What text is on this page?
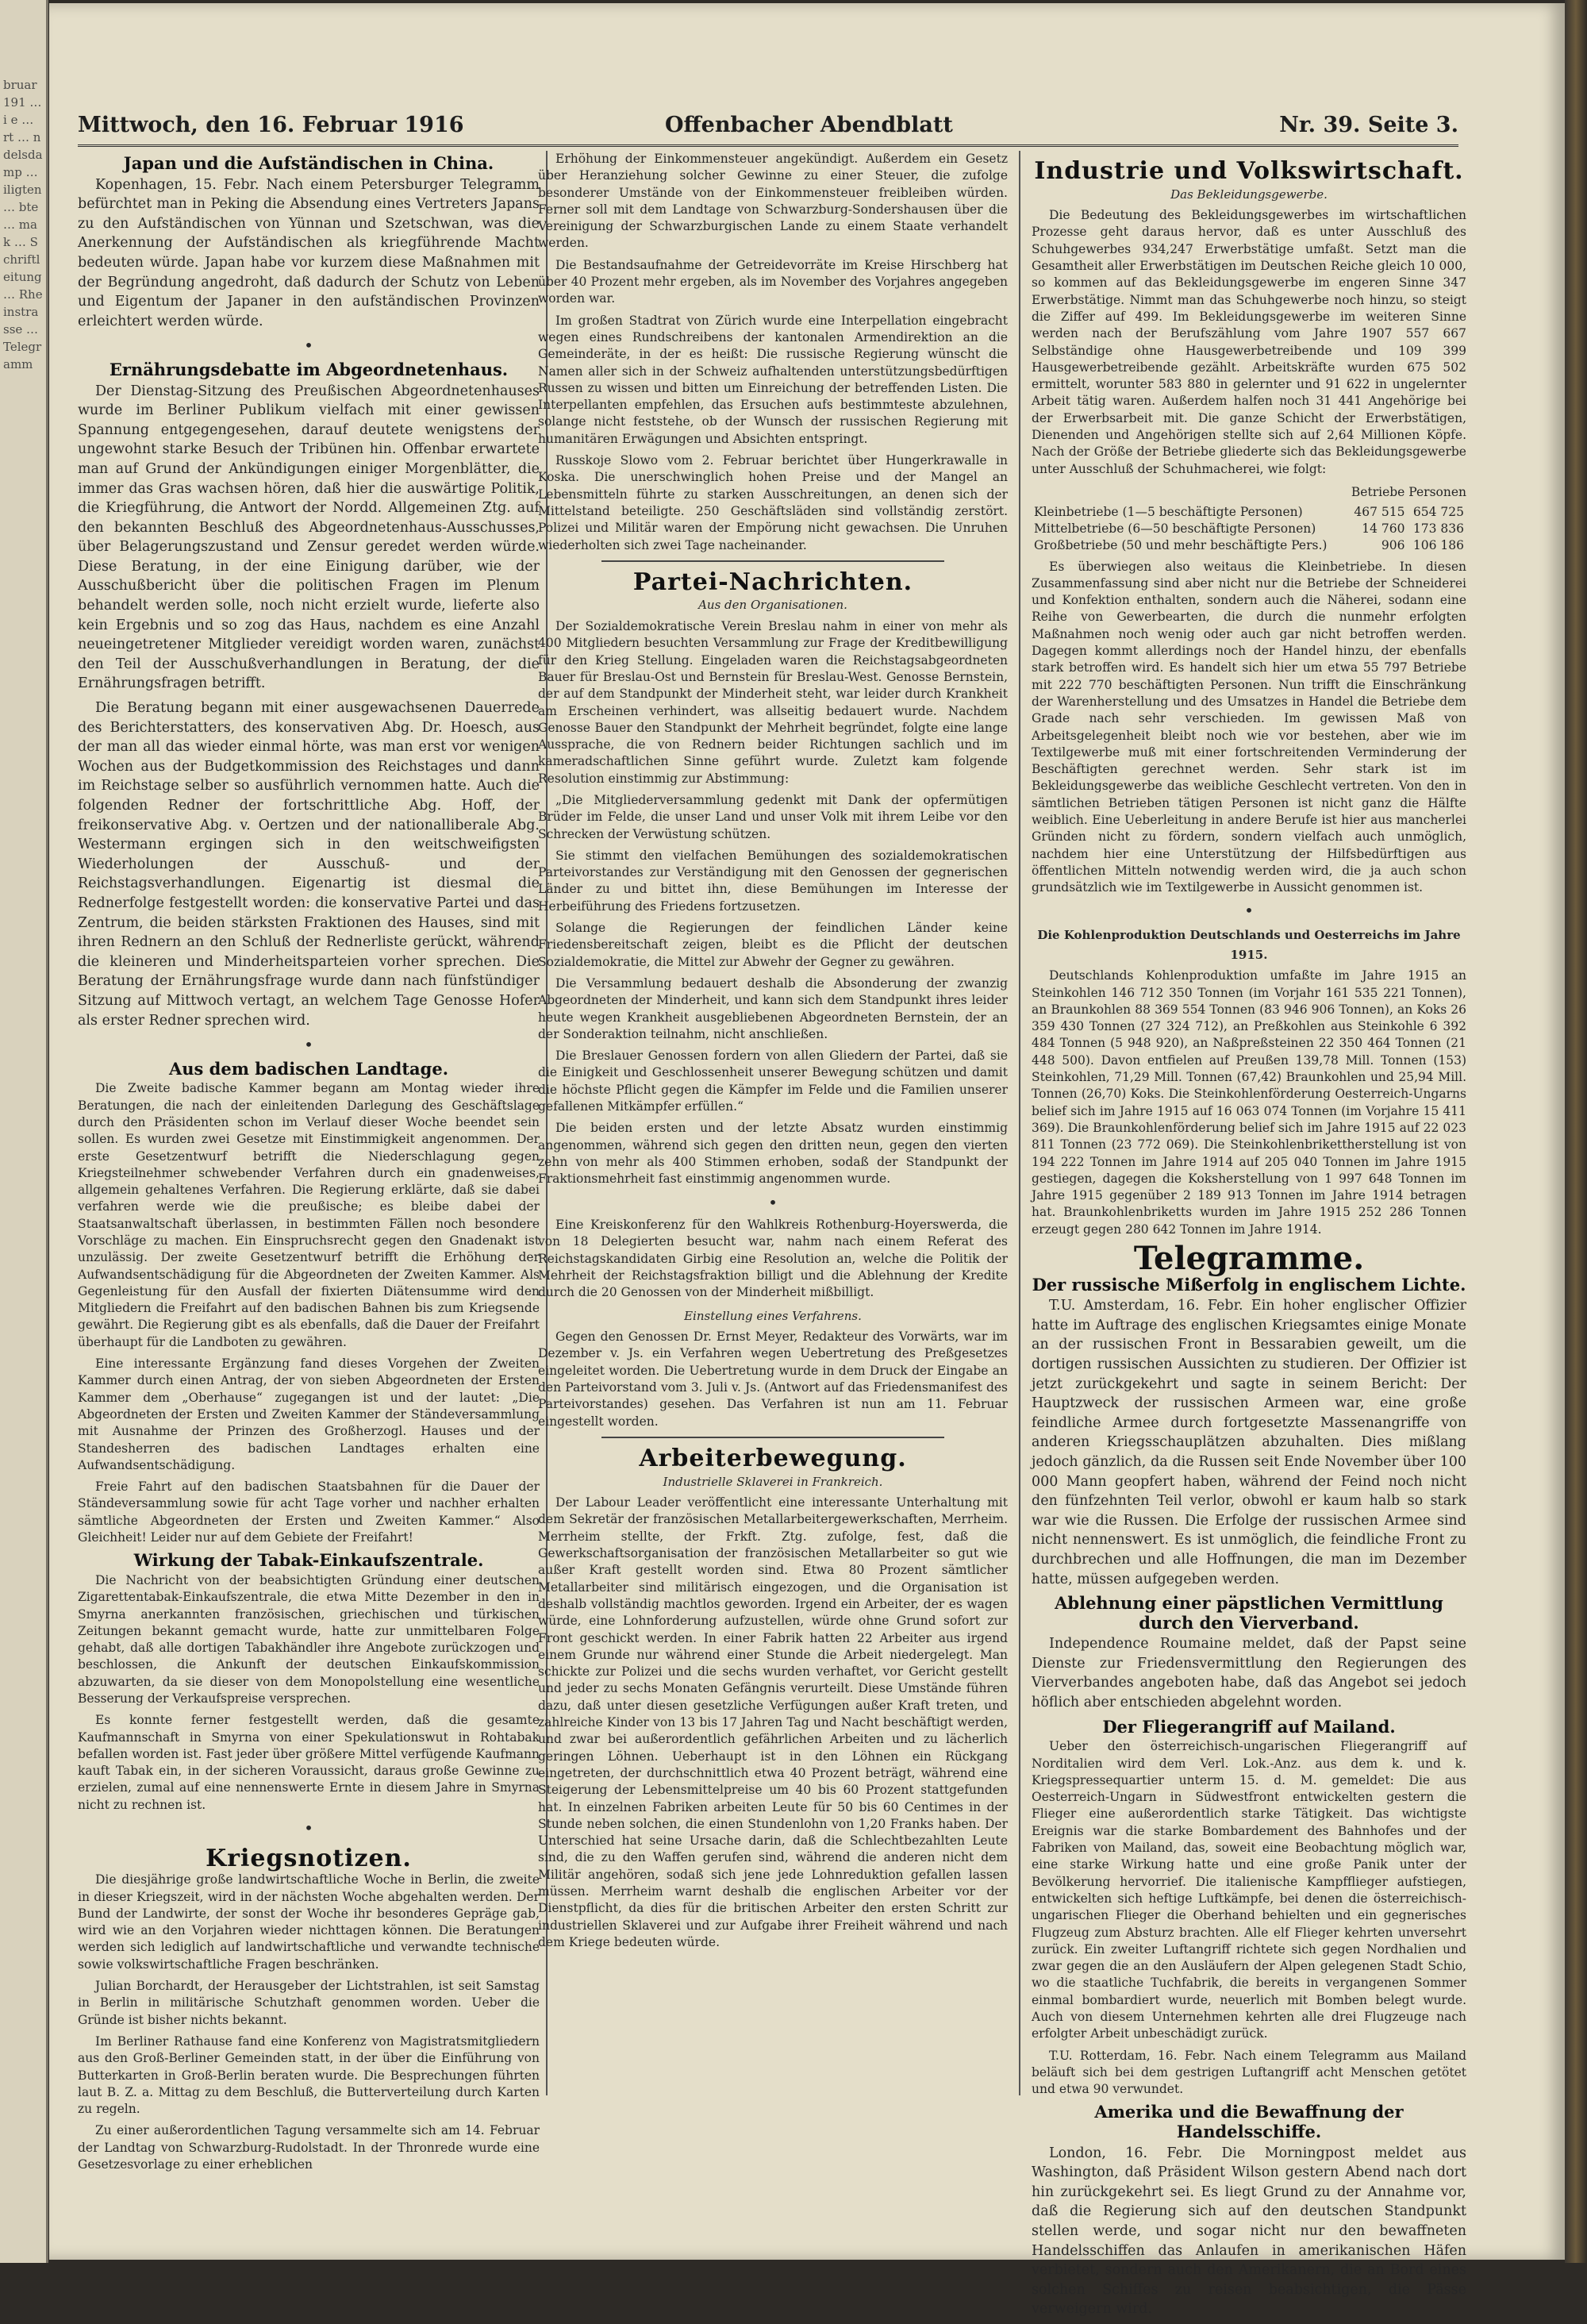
bruar 191 … i e … rt … ndelsdamp … iligten … bte … mak … Schriftleitung … Rheinstrasse … Telegramm
Mittwoch, den 16. Februar 1916	Offenbacher Abendblatt	Nr. 39. Seite 3.
Japan und die Aufständischen in China.

Kopenhagen, 15. Febr. Nach einem Petersburger Telegramm befürchtet man in Peking die Absendung eines Vertreters Japans zu den Aufständischen von Yünnan und Szetschwan, was die Anerkennung der Aufständischen als kriegführende Macht bedeuten würde. Japan habe vor kurzem diese Maßnahmen mit der Begründung angedroht, daß dadurch der Schutz von Leben und Eigentum der Japaner in den aufständischen Provinzen erleichtert werden würde.

•
Ernährungsdebatte im Abgeordnetenhaus.

Der Dienstag-Sitzung des Preußischen Abgeordnetenhauses wurde im Berliner Publikum vielfach mit einer gewissen Spannung entgegengesehen, darauf deutete wenigstens der ungewohnt starke Besuch der Tribünen hin. Offenbar erwartete man auf Grund der Ankündigungen einiger Morgenblätter, die immer das Gras wachsen hören, daß hier die auswärtige Politik, die Kriegführung, die Antwort der Nordd. Allgemeinen Ztg. auf den bekannten Beschluß des Abgeordnetenhaus-Ausschusses, über Belagerungszustand und Zensur geredet werden würde. Diese Beratung, in der eine Einigung darüber, wie der Ausschußbericht über die politischen Fragen im Plenum behandelt werden solle, noch nicht erzielt wurde, lieferte also kein Ergebnis und so zog das Haus, nachdem es eine Anzahl neueingetretener Mitglieder vereidigt worden waren, zunächst den Teil der Ausschußverhandlungen in Beratung, der die Ernährungsfragen betrifft.

Die Beratung begann mit einer ausgewachsenen Dauerrede des Berichterstatters, des konservativen Abg. Dr. Hoesch, aus der man all das wieder einmal hörte, was man erst vor wenigen Wochen aus der Budgetkommission des Reichstages und dann im Reichstage selber so ausführlich vernommen hatte. Auch die folgenden Redner der fortschrittliche Abg. Hoff, der freikonservative Abg. v. Oertzen und der nationalliberale Abg. Westermann ergingen sich in den weitschweifigsten Wiederholungen der Ausschuß- und der Reichstagsverhandlungen. Eigenartig ist diesmal die Rednerfolge festgestellt worden: die konservative Partei und das Zentrum, die beiden stärksten Fraktionen des Hauses, sind mit ihren Rednern an den Schluß der Rednerliste gerückt, während die kleineren und Minderheitsparteien vorher sprechen. Die Beratung der Ernährungsfrage wurde dann nach fünfstündiger Sitzung auf Mittwoch vertagt, an welchem Tage Genosse Hofer als erster Redner sprechen wird.

•
Aus dem badischen Landtage.

Die Zweite badische Kammer begann am Montag wieder ihre Beratungen, die nach der einleitenden Darlegung des Geschäftslage durch den Präsidenten schon im Verlauf dieser Woche beendet sein sollen. Es wurden zwei Gesetze mit Einstimmigkeit angenommen. Der erste Gesetzentwurf betrifft die Niederschlagung gegen Kriegsteilnehmer schwebender Verfahren durch ein gnadenweises, allgemein gehaltenes Verfahren. Die Regierung erklärte, daß sie dabei verfahren werde wie die preußische; es bleibe dabei der Staatsanwaltschaft überlassen, in bestimmten Fällen noch besondere Vorschläge zu machen. Ein Einspruchsrecht gegen den Gnadenakt ist unzulässig. Der zweite Gesetzentwurf betrifft die Erhöhung der Aufwandsentschädigung für die Abgeordneten der Zweiten Kammer. Als Gegenleistung für den Ausfall der fixierten Diätensumme wird den Mitgliedern die Freifahrt auf den badischen Bahnen bis zum Kriegsende gewährt. Die Regierung gibt es als ebenfalls, daß die Dauer der Freifahrt überhaupt für die Landboten zu gewähren.

Eine interessante Ergänzung fand dieses Vorgehen der Zweiten Kammer durch einen Antrag, der von sieben Abgeordneten der Ersten Kammer dem „Oberhause“ zugegangen ist und der lautet: „Die Abgeordneten der Ersten und Zweiten Kammer der Ständeversammlung mit Ausnahme der Prinzen des Großherzogl. Hauses und der Standesherren des badischen Landtages erhalten eine Aufwandsentschädigung.

Freie Fahrt auf den badischen Staatsbahnen für die Dauer der Ständeversammlung sowie für acht Tage vorher und nachher erhalten sämtliche Abgeordneten der Ersten und Zweiten Kammer.“ Also Gleichheit! Leider nur auf dem Gebiete der Freifahrt!

Wirkung der Tabak-Einkaufszentrale.

Die Nachricht von der beabsichtigten Gründung einer deutschen Zigarettentabak-Einkaufszentrale, die etwa Mitte Dezember in den in Smyrna anerkannten französischen, griechischen und türkischen Zeitungen bekannt gemacht wurde, hatte zur unmittelbaren Folge gehabt, daß alle dortigen Tabakhändler ihre Angebote zurückzogen und beschlossen, die Ankunft der deutschen Einkaufskommission abzuwarten, da sie dieser von dem Monopolstellung eine wesentliche Besserung der Verkaufspreise versprechen.

Es konnte ferner festgestellt werden, daß die gesamte Kaufmannschaft in Smyrna von einer Spekulationswut in Rohtabak befallen worden ist. Fast jeder über größere Mittel verfügende Kaufmann kauft Tabak ein, in der sicheren Voraussicht, daraus große Gewinne zu erzielen, zumal auf eine nennenswerte Ernte in diesem Jahre in Smyrna nicht zu rechnen ist.

•
Kriegsnotizen.

Die diesjährige große landwirtschaftliche Woche in Berlin, die zweite in dieser Kriegszeit, wird in der nächsten Woche abgehalten werden. Der Bund der Landwirte, der sonst der Woche ihr besonderes Gepräge gab, wird wie an den Vorjahren wieder nichttagen können. Die Beratungen werden sich lediglich auf landwirtschaftliche und verwandte technische sowie volkswirtschaftliche Fragen beschränken.

Julian Borchardt, der Herausgeber der Lichtstrahlen, ist seit Samstag in Berlin in militärische Schutzhaft genommen worden. Ueber die Gründe ist bisher nichts bekannt.

Im Berliner Rathause fand eine Konferenz von Magistratsmitgliedern aus den Groß-Berliner Gemeinden statt, in der über die Einführung von Butterkarten in Groß-Berlin beraten wurde. Die Besprechungen führten laut B. Z. a. Mittag zu dem Beschluß, die Butterverteilung durch Karten zu regeln.

Zu einer außerordentlichen Tagung versammelte sich am 14. Februar der Landtag von Schwarzburg-Rudolstadt. In der Thronrede wurde eine Gesetzesvorlage zu einer erheblichen

Erhöhung der Einkommensteuer angekündigt. Außerdem ein Gesetz über Heranziehung solcher Gewinne zu einer Steuer, die zufolge besonderer Umstände von der Einkommensteuer freibleiben würden. Ferner soll mit dem Landtage von Schwarzburg-Sondershausen über die Vereinigung der Schwarzburgischen Lande zu einem Staate verhandelt werden.

Die Bestandsaufnahme der Getreidevorräte im Kreise Hirschberg hat über 40 Prozent mehr ergeben, als im November des Vorjahres angegeben worden war.

Im großen Stadtrat von Zürich wurde eine Interpellation eingebracht wegen eines Rundschreibens der kantonalen Armendirektion an die Gemeinderäte, in der es heißt: Die russische Regierung wünscht die Namen aller sich in der Schweiz aufhaltenden unterstützungsbedürftigen Russen zu wissen und bitten um Einreichung der betreffenden Listen. Die Interpellanten empfehlen, das Ersuchen aufs bestimmteste abzulehnen, solange nicht feststehe, ob der Wunsch der russischen Regierung mit humanitären Erwägungen und Absichten entspringt.

Russkoje Slowo vom 2. Februar berichtet über Hungerkrawalle in Koska. Die unerschwinglich hohen Preise und der Mangel an Lebensmitteln führte zu starken Ausschreitungen, an denen sich der Mittelstand beteiligte. 250 Geschäftsläden sind vollständig zerstört. Polizei und Militär waren der Empörung nicht gewachsen. Die Unruhen wiederholten sich zwei Tage nacheinander.

Partei-Nachrichten.
Aus den Organisationen.

Der Sozialdemokratische Verein Breslau nahm in einer von mehr als 400 Mitgliedern besuchten Versammlung zur Frage der Kreditbewilligung für den Krieg Stellung. Eingeladen waren die Reichstagsabgeordneten Bauer für Breslau-Ost und Bernstein für Breslau-West. Genosse Bernstein, der auf dem Standpunkt der Minderheit steht, war leider durch Krankheit am Erscheinen verhindert, was allseitig bedauert wurde. Nachdem Genosse Bauer den Standpunkt der Mehrheit begründet, folgte eine lange Aussprache, die von Rednern beider Richtungen sachlich und im kameradschaftlichen Sinne geführt wurde. Zuletzt kam folgende Resolution einstimmig zur Abstimmung:

„Die Mitgliederversammlung gedenkt mit Dank der opfermütigen Brüder im Felde, die unser Land und unser Volk mit ihrem Leibe vor den Schrecken der Verwüstung schützen.

Sie stimmt den vielfachen Bemühungen des sozialdemokratischen Parteivorstandes zur Verständigung mit den Genossen der gegnerischen Länder zu und bittet ihn, diese Bemühungen im Interesse der Herbeiführung des Friedens fortzusetzen.

Solange die Regierungen der feindlichen Länder keine Friedensbereitschaft zeigen, bleibt es die Pflicht der deutschen Sozialdemokratie, die Mittel zur Abwehr der Gegner zu gewähren.

Die Versammlung bedauert deshalb die Absonderung der zwanzig Abgeordneten der Minderheit, und kann sich dem Standpunkt ihres leider heute wegen Krankheit ausgebliebenen Abgeordneten Bernstein, der an der Sonderaktion teilnahm, nicht anschließen.

Die Breslauer Genossen fordern von allen Gliedern der Partei, daß sie die Einigkeit und Geschlossenheit unserer Bewegung schützen und damit die höchste Pflicht gegen die Kämpfer im Felde und die Familien unserer gefallenen Mitkämpfer erfüllen.“

Die beiden ersten und der letzte Absatz wurden einstimmig angenommen, während sich gegen den dritten neun, gegen den vierten zehn von mehr als 400 Stimmen erhoben, sodaß der Standpunkt der Fraktionsmehrheit fast einstimmig angenommen wurde.

•

Eine Kreiskonferenz für den Wahlkreis Rothenburg-Hoyerswerda, die von 18 Delegierten besucht war, nahm nach einem Referat des Reichstagskandidaten Girbig eine Resolution an, welche die Politik der Mehrheit der Reichstagsfraktion billigt und die Ablehnung der Kredite durch die 20 Genossen von der Minderheit mißbilligt.

Einstellung eines Verfahrens.

Gegen den Genossen Dr. Ernst Meyer, Redakteur des Vorwärts, war im Dezember v. Js. ein Verfahren wegen Uebertretung des Preßgesetzes eingeleitet worden. Die Uebertretung wurde in dem Druck der Eingabe an den Parteivorstand vom 3. Juli v. Js. (Antwort auf das Friedensmanifest des Parteivorstandes) gesehen. Das Verfahren ist nun am 11. Februar eingestellt worden.

Arbeiterbewegung.
Industrielle Sklaverei in Frankreich.

Der Labour Leader veröffentlicht eine interessante Unterhaltung mit dem Sekretär der französischen Metallarbeitergewerkschaften, Merrheim. Merrheim stellte, der Frkft. Ztg. zufolge, fest, daß die Gewerkschaftsorganisation der französischen Metallarbeiter so gut wie außer Kraft gestellt worden sind. Etwa 80 Prozent sämtlicher Metallarbeiter sind militärisch eingezogen, und die Organisation ist deshalb vollständig machtlos geworden. Irgend ein Arbeiter, der es wagen würde, eine Lohnforderung aufzustellen, würde ohne Grund sofort zur Front geschickt werden. In einer Fabrik hatten 22 Arbeiter aus irgend einem Grunde nur während einer Stunde die Arbeit niedergelegt. Man schickte zur Polizei und die sechs wurden verhaftet, vor Gericht gestellt und jeder zu sechs Monaten Gefängnis verurteilt. Diese Umstände führen dazu, daß unter diesen gesetzliche Verfügungen außer Kraft treten, und zahlreiche Kinder von 13 bis 17 Jahren Tag und Nacht beschäftigt werden, und zwar bei außerordentlich gefährlichen Arbeiten und zu lächerlich geringen Löhnen. Ueberhaupt ist in den Löhnen ein Rückgang eingetreten, der durchschnittlich etwa 40 Prozent beträgt, während eine Steigerung der Lebensmittelpreise um 40 bis 60 Prozent stattgefunden hat. In einzelnen Fabriken arbeiten Leute für 50 bis 60 Centimes in der Stunde neben solchen, die einen Stundenlohn von 1,20 Franks haben. Der Unterschied hat seine Ursache darin, daß die Schlechtbezahlten Leute sind, die zu den Waffen gerufen sind, während die anderen nicht dem Militär angehören, sodaß sich jene jede Lohnreduktion gefallen lassen müssen. Merrheim warnt deshalb die englischen Arbeiter vor der Dienstpflicht, da dies für die britischen Arbeiter den ersten Schritt zur industriellen Sklaverei und zur Aufgabe ihrer Freiheit während und nach dem Kriege bedeuten würde.

Industrie und Volkswirtschaft.
Das Bekleidungsgewerbe.

Die Bedeutung des Bekleidungsgewerbes im wirtschaftlichen Prozesse geht daraus hervor, daß es unter Ausschluß des Schuhgewerbes 934,247 Erwerbstätige umfaßt. Setzt man die Gesamtheit aller Erwerbstätigen im Deutschen Reiche gleich 10 000, so kommen auf das Bekleidungsgewerbe im engeren Sinne 347 Erwerbstätige. Nimmt man das Schuhgewerbe noch hinzu, so steigt die Ziffer auf 499. Im Bekleidungsgewerbe im weiteren Sinne werden nach der Berufszählung vom Jahre 1907 557 667 Selbständige ohne Hausgewerbetreibende und 109 399 Hausgewerbetreibende gezählt. Arbeitskräfte wurden 675 502 ermittelt, worunter 583 880 in gelernter und 91 622 in ungelernter Arbeit tätig waren. Außerdem halfen noch 31 441 Angehörige bei der Erwerbsarbeit mit. Die ganze Schicht der Erwerbstätigen, Dienenden und Angehörigen stellte sich auf 2,64 Millionen Köpfe. Nach der Größe der Betriebe gliederte sich das Bekleidungsgewerbe unter Ausschluß der Schuhmacherei, wie folgt:

Betriebe Personen
Kleinbetriebe (1—5 beschäftigte Personen)	467 515	654 725
Mittelbetriebe (6—50 beschäftigte Personen)	14 760	173 836
Großbetriebe (50 und mehr beschäftigte Pers.)	906	106 186

Es überwiegen also weitaus die Kleinbetriebe. In diesen Zusammenfassung sind aber nicht nur die Betriebe der Schneiderei und Konfektion enthalten, sondern auch die Näherei, sodann eine Reihe von Gewerbearten, die durch die nunmehr erfolgten Maßnahmen noch wenig oder auch gar nicht betroffen werden. Dagegen kommt allerdings noch der Handel hinzu, der ebenfalls stark betroffen wird. Es handelt sich hier um etwa 55 797 Betriebe mit 222 770 beschäftigten Personen. Nun trifft die Einschränkung der Warenherstellung und des Umsatzes in Handel die Betriebe dem Grade nach sehr verschieden. Im gewissen Maß von Arbeitsgelegenheit bleibt noch wie vor bestehen, aber wie im Textilgewerbe muß mit einer fortschreitenden Verminderung der Beschäftigten gerechnet werden. Sehr stark ist im Bekleidungsgewerbe das weibliche Geschlecht vertreten. Von den in sämtlichen Betrieben tätigen Personen ist nicht ganz die Hälfte weiblich. Eine Ueberleitung in andere Berufe ist hier aus mancherlei Gründen nicht zu fördern, sondern vielfach auch unmöglich, nachdem hier eine Unterstützung der Hilfsbedürftigen aus öffentlichen Mitteln notwendig werden wird, die ja auch schon grundsätzlich wie im Textilgewerbe in Aussicht genommen ist.

•
Die Kohlenproduktion Deutschlands und Oesterreichs im Jahre 1915.

Deutschlands Kohlenproduktion umfaßte im Jahre 1915 an Steinkohlen 146 712 350 Tonnen (im Vorjahr 161 535 221 Tonnen), an Braunkohlen 88 369 554 Tonnen (83 946 906 Tonnen), an Koks 26 359 430 Tonnen (27 324 712), an Preßkohlen aus Steinkohle 6 392 484 Tonnen (5 948 920), an Naßpreßsteinen 22 350 464 Tonnen (21 448 500). Davon entfielen auf Preußen 139,78 Mill. Tonnen (153) Steinkohlen, 71,29 Mill. Tonnen (67,42) Braunkohlen und 25,94 Mill. Tonnen (26,70) Koks. Die Steinkohlenförderung Oesterreich-Ungarns belief sich im Jahre 1915 auf 16 063 074 Tonnen (im Vorjahre 15 411 369). Die Braunkohlenförderung belief sich im Jahre 1915 auf 22 023 811 Tonnen (23 772 069). Die Steinkohlenbrikettherstellung ist von 194 222 Tonnen im Jahre 1914 auf 205 040 Tonnen im Jahre 1915 gestiegen, dagegen die Koksherstellung von 1 997 648 Tonnen im Jahre 1915 gegenüber 2 189 913 Tonnen im Jahre 1914 betragen hat. Braunkohlenbriketts wurden im Jahre 1915 252 286 Tonnen erzeugt gegen 280 642 Tonnen im Jahre 1914.

Telegramme.
Der russische Mißerfolg in englischem Lichte.

T.U. Amsterdam, 16. Febr. Ein hoher englischer Offizier hatte im Auftrage des englischen Kriegsamtes einige Monate an der russischen Front in Bessarabien geweilt, um die dortigen russischen Aussichten zu studieren. Der Offizier ist jetzt zurückgekehrt und sagte in seinem Bericht: Der Hauptzweck der russischen Armeen war, eine große feindliche Armee durch fortgesetzte Massenangriffe von anderen Kriegsschauplätzen abzuhalten. Dies mißlang jedoch gänzlich, da die Russen seit Ende November über 100 000 Mann geopfert haben, während der Feind noch nicht den fünfzehnten Teil verlor, obwohl er kaum halb so stark war wie die Russen. Die Erfolge der russischen Armee sind nicht nennenswert. Es ist unmöglich, die feindliche Front zu durchbrechen und alle Hoffnungen, die man im Dezember hatte, müssen aufgegeben werden.

Ablehnung einer päpstlichen Vermittlung durch den Vierverband.

Independence Roumaine meldet, daß der Papst seine Dienste zur Friedensvermittlung den Regierungen des Vierverbandes angeboten habe, daß das Angebot sei jedoch höflich aber entschieden abgelehnt worden.

Der Fliegerangriff auf Mailand.

Ueber den österreichisch-ungarischen Fliegerangriff auf Norditalien wird dem Verl. Lok.-Anz. aus dem k. und k. Kriegspressequartier unterm 15. d. M. gemeldet: Die aus Oesterreich-Ungarn in Südwestfront entwickelten gestern die Flieger eine außerordentlich starke Tätigkeit. Das wichtigste Ereignis war die starke Bombardement des Bahnhofes und der Fabriken von Mailand, das, soweit eine Beobachtung möglich war, eine starke Wirkung hatte und eine große Panik unter der Bevölkerung hervorrief. Die italienische Kampfflieger aufstiegen, entwickelten sich heftige Luftkämpfe, bei denen die österreichisch-ungarischen Flieger die Oberhand behielten und ein gegnerisches Flugzeug zum Absturz brachten. Alle elf Flieger kehrten unversehrt zurück. Ein zweiter Luftangriff richtete sich gegen Nordhalien und zwar gegen die an den Ausläufern der Alpen gelegenen Stadt Schio, wo die staatliche Tuchfabrik, die bereits in vergangenen Sommer einmal bombardiert wurde, neuerlich mit Bomben belegt wurde. Auch von diesem Unternehmen kehrten alle drei Flugzeuge nach erfolgter Arbeit unbeschädigt zurück.

T.U. Rotterdam, 16. Febr. Nach einem Telegramm aus Mailand beläuft sich bei dem gestrigen Luftangriff acht Menschen getötet und etwa 90 verwundet.

Amerika und die Bewaffnung der Handelsschiffe.

London, 16. Febr. Die Morningpost meldet aus Washington, daß Präsident Wilson gestern Abend nach dort hin zurückgekehrt sei. Es liegt Grund zu der Annahme vor, daß die Regierung sich auf den deutschen Standpunkt stellen werde, und sogar nicht nur den bewaffneten Handelsschiffen das Anlaufen in amerikanischen Häfen verbietet, sondern auch den Amerikanern, die an Bord eines solchen Schiffes zu reisen beabsichtigen, die Pässe verweigern wird.
